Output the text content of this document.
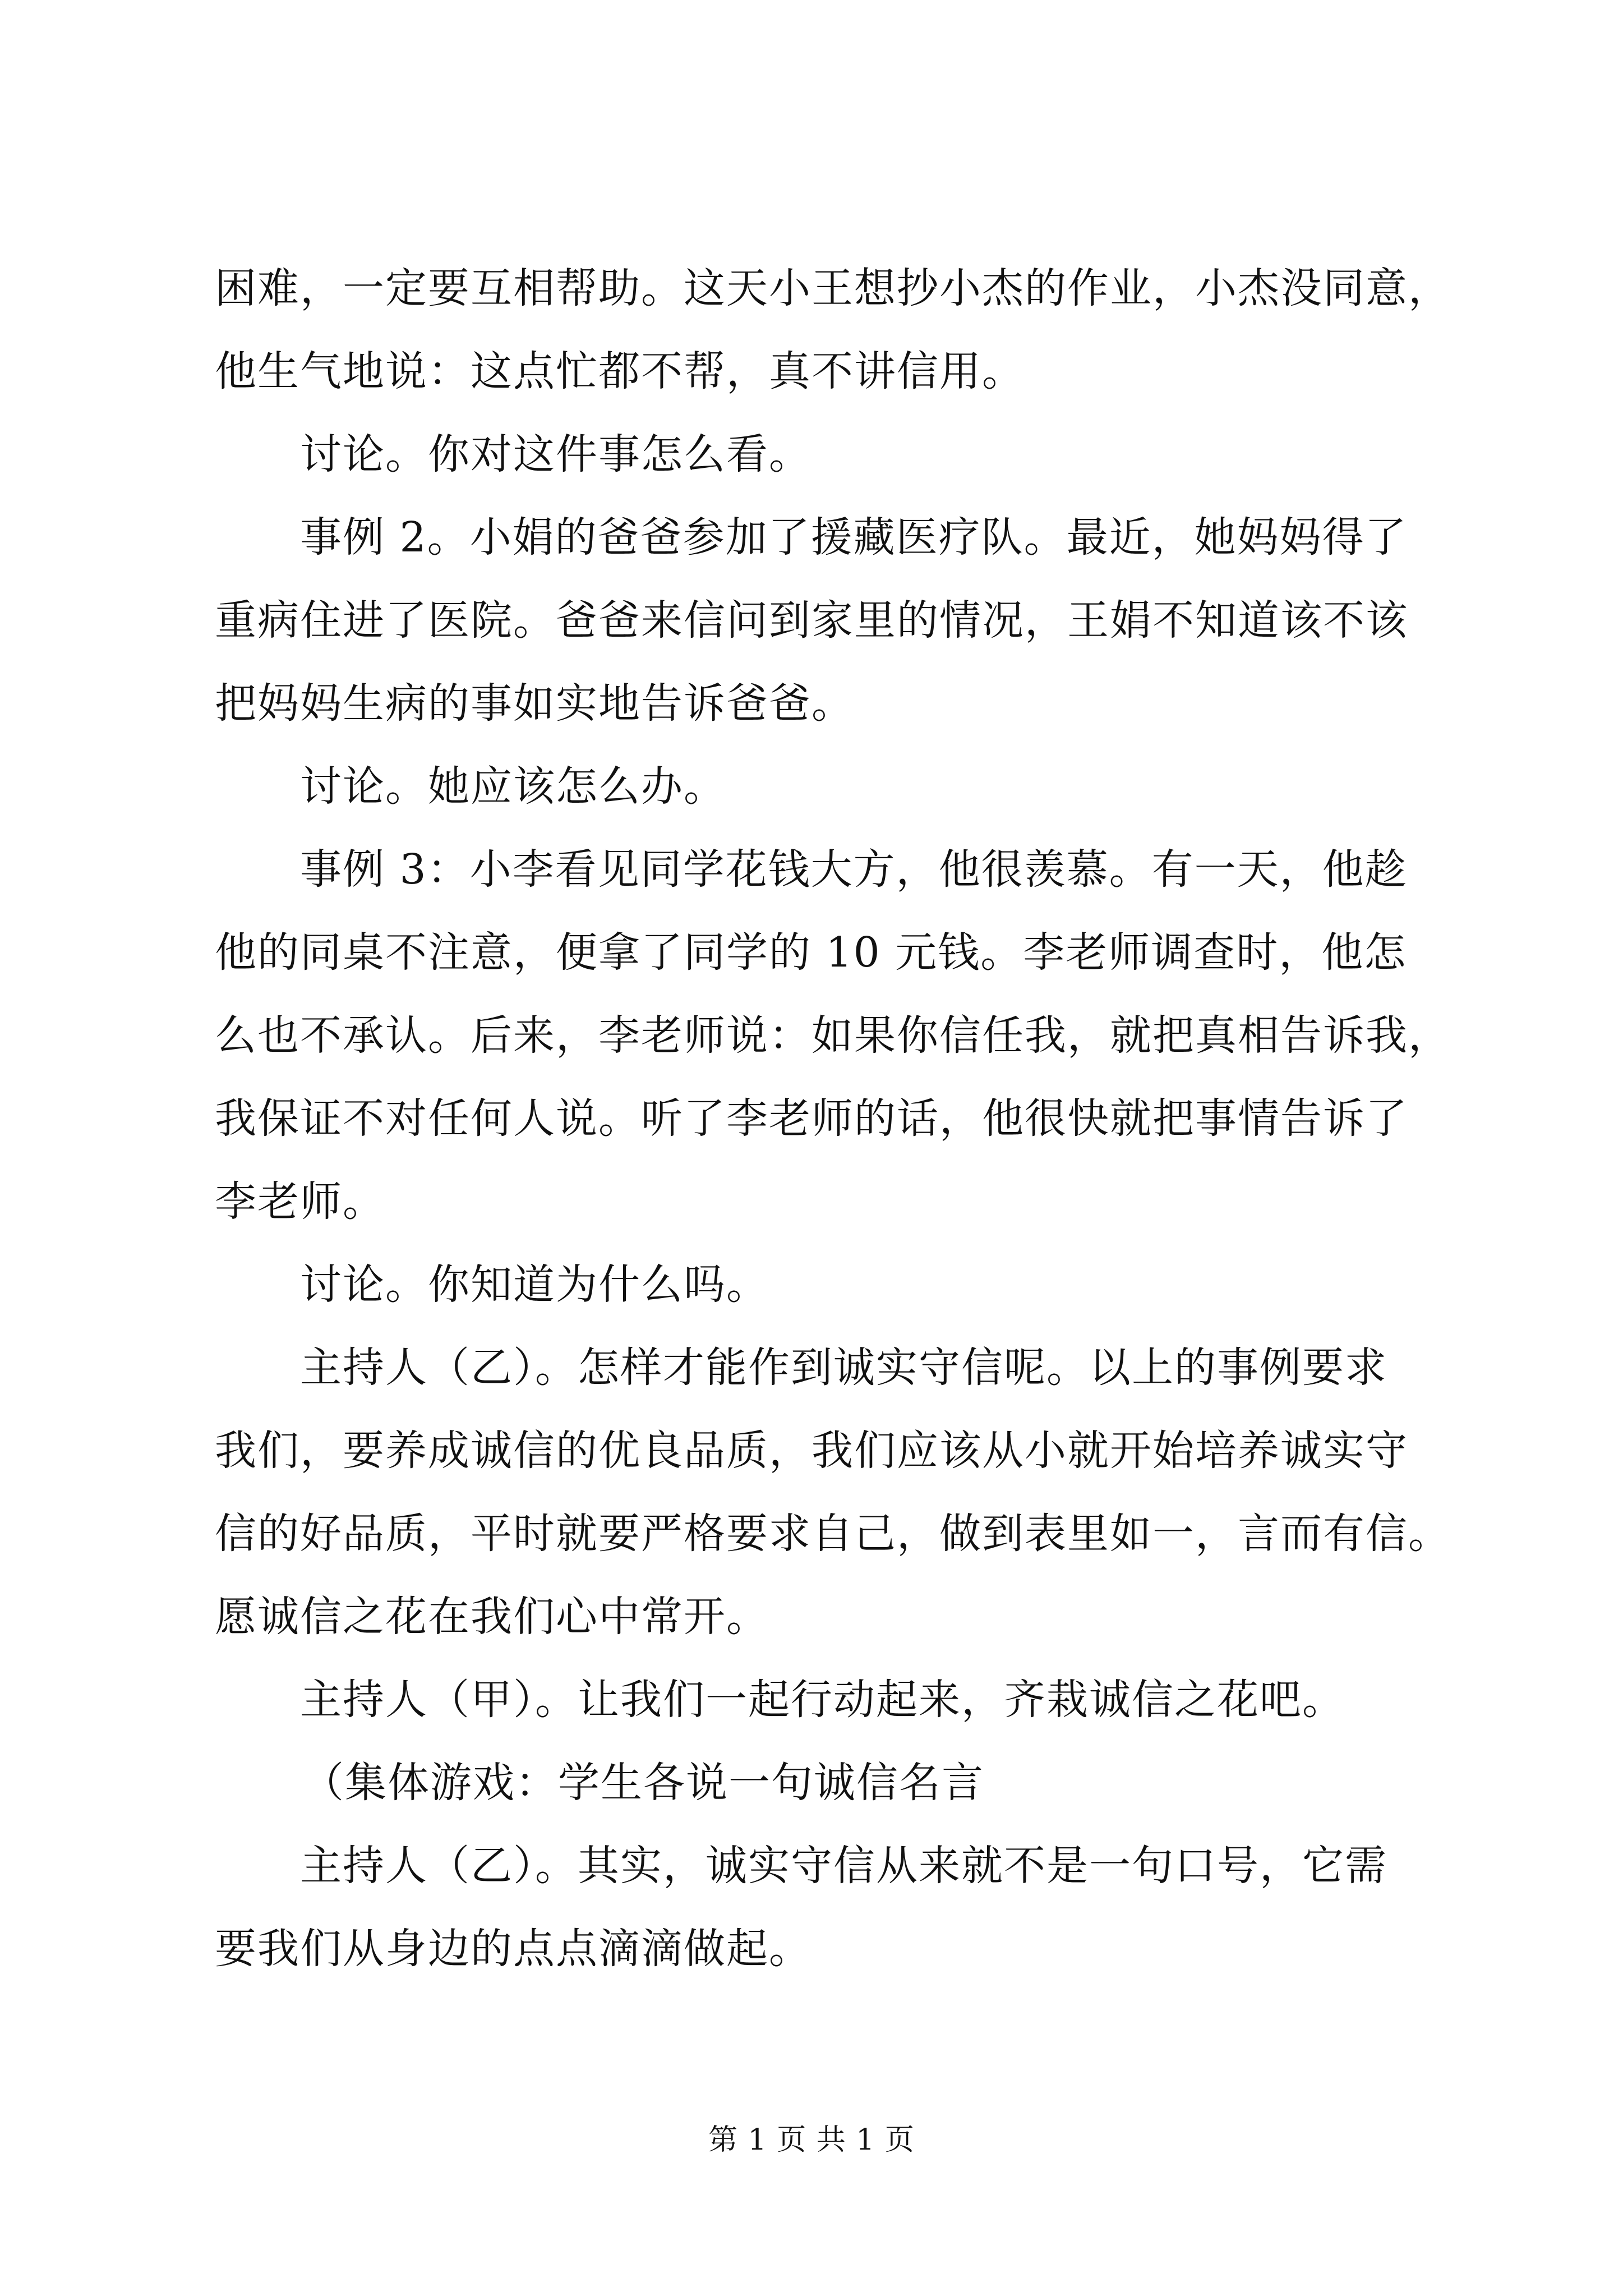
困难，一定要互相帮助。这天小王想抄小杰的作业，小杰没同意，
他生气地说：这点忙都不帮，真不讲信用。
讨论。你对这件事怎么看。
事例 2。小娟的爸爸参加了援藏医疗队。最近，她妈妈得了
重病住进了医院。爸爸来信问到家里的情况，王娟不知道该不该
把妈妈生病的事如实地告诉爸爸。
讨论。她应该怎么办。
事例 3：小李看见同学花钱大方，他很羡慕。有一天，他趁
他的同桌不注意，便拿了同学的 10 元钱。李老师调查时，他怎
么也不承认。后来，李老师说：如果你信任我，就把真相告诉我，
我保证不对任何人说。听了李老师的话，他很快就把事情告诉了
李老师。
讨论。你知道为什么吗。
主持人（乙）。怎样才能作到诚实守信呢。以上的事例要求
我们，要养成诚信的优良品质，我们应该从小就开始培养诚实守
信的好品质，平时就要严格要求自己，做到表里如一，言而有信。
愿诚信之花在我们心中常开。
主持人（甲）。让我们一起行动起来，齐栽诚信之花吧。
（集体游戏：学生各说一句诚信名言
主持人（乙）。其实，诚实守信从来就不是一句口号，它需
要我们从身边的点点滴滴做起。
第 1 页 共 1 页
